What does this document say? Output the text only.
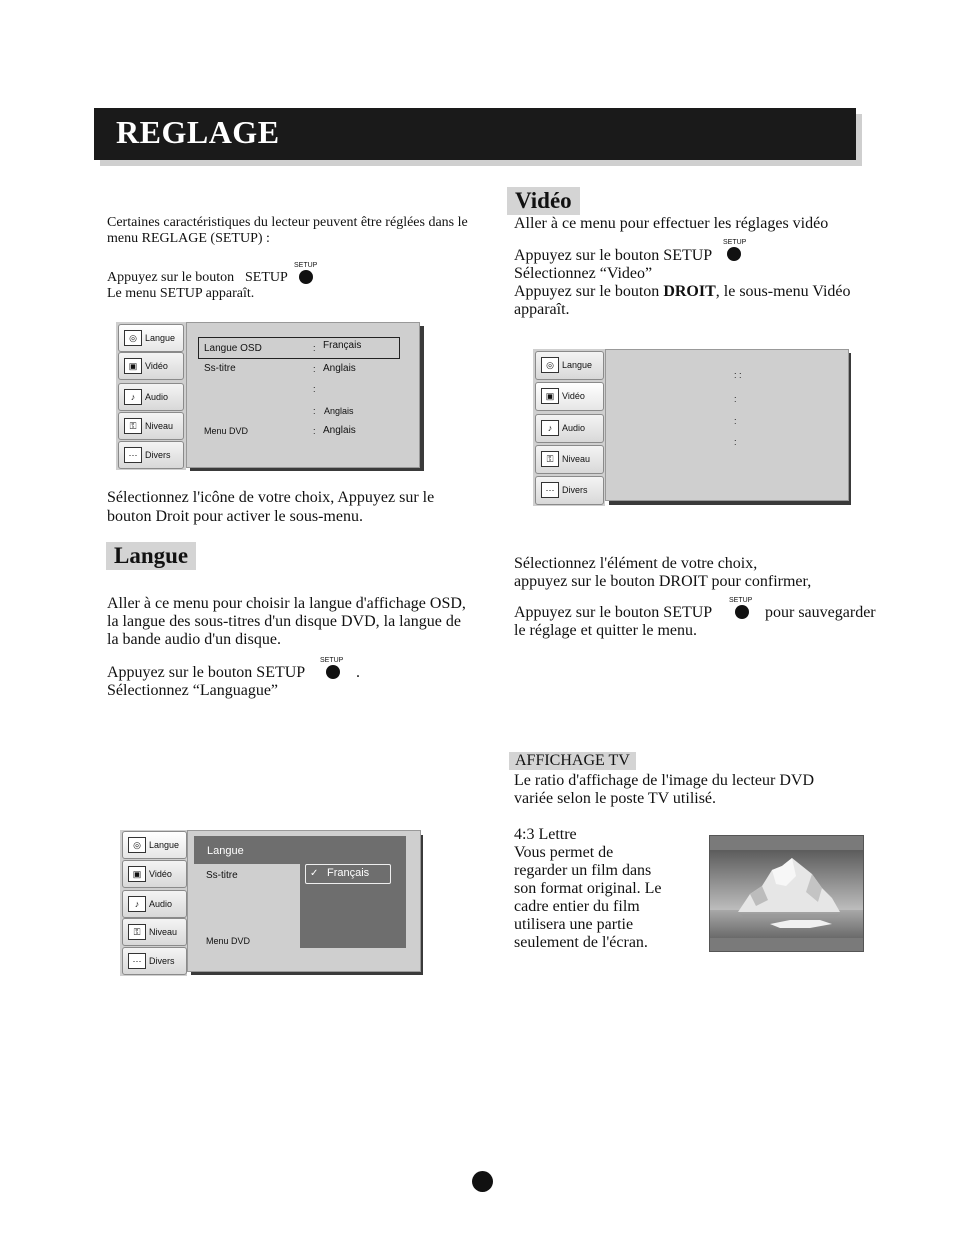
REGLAGE
Certaines caractéristiques du lecteur peuvent être réglées dans le
menu REGLAGE (SETUP) :
Appuyez sur le bouton SETUP
SETUP
Le menu SETUP apparaît.
◎ Langue
▣ Vidéo
♪	Audio
⚿ Niveau
⋯ Divers
Langue OSD	: Français
Ss-titre	: Anglais
:
: Anglais
Menu DVD	: Anglais
Sélectionnez l'icône de votre choix, Appuyez sur le
bouton Droit pour activer le sous-menu.
Langue
Aller à ce menu pour choisir la langue d'affichage OSD,
la langue des sous-titres d'un disque DVD, la langue de
la bande audio d'un disque.
Appuyez sur le bouton SETUP
SETUP
.
Sélectionnez “Languague”
◎ Langue
▣ Vidéo
♪	Audio
⚿ Niveau
⋯ Divers
Langue
✓ Français
Ss-titre
Menu DVD
Vidéo
Aller à ce menu pour effectuer les réglages vidéo
Appuyez sur le bouton SETUP
SETUP
Sélectionnez “Video”
Appuyez sur le bouton DROIT, le sous-menu Vidéo
apparaît.
◎ Langue
▣ Vidéo
♪	Audio
⚿ Niveau
⋯ Divers
: :
:
:
:
Sélectionnez l'élément de votre choix,
appuyez sur le bouton DROIT pour confirmer,
Appuyez sur le bouton SETUP
SETUP
pour sauvegarder
le réglage et quitter le menu.
AFFICHAGE TV
Le ratio d'affichage de l'image du lecteur DVD
variée selon le poste TV utilisé.
4:3 Lettre
Vous permet de
regarder un film dans
son format original. Le
cadre entier du film
utilisera une partie
seulement de l'écran.
